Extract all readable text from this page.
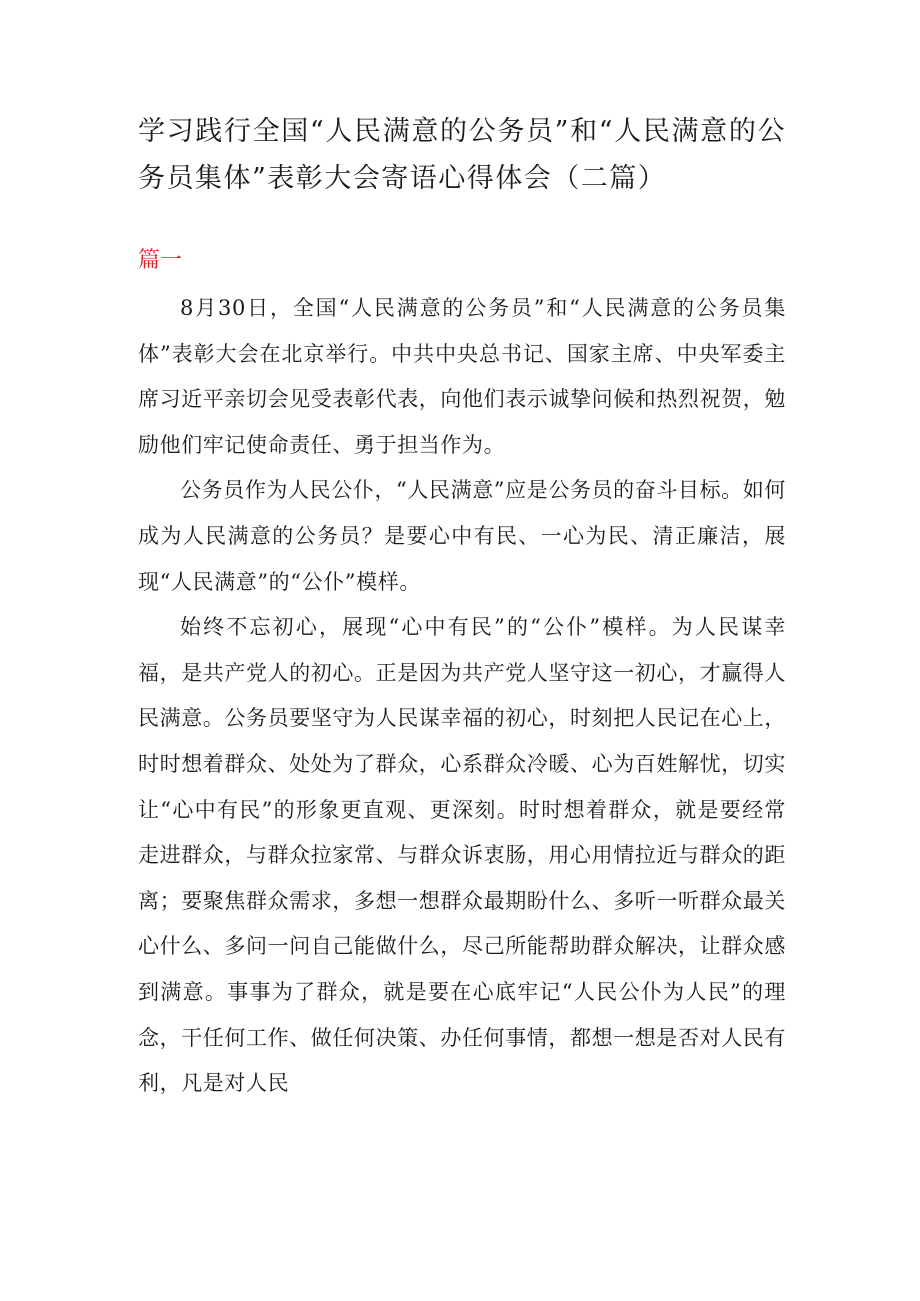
学习践行全国“人民满意的公务员”和“人民满意的公务员集体”表彰大会寄语心得体会（二篇）
篇一

8月30日，全国“人民满意的公务员”和“人民满意的公务员集体”表彰大会在北京举行。中共中央总书记、国家主席、中央军委主席习近平亲切会见受表彰代表，向他们表示诚挚问候和热烈祝贺，勉励他们牢记使命责任、勇于担当作为。

公务员作为人民公仆，“人民满意”应是公务员的奋斗目标。如何成为人民满意的公务员？是要心中有民、一心为民、清正廉洁，展现“人民满意”的“公仆”模样。

始终不忘初心，展现“心中有民”的“公仆”模样。为人民谋幸福，是共产党人的初心。正是因为共产党人坚守这一初心，才赢得人民满意。公务员要坚守为人民谋幸福的初心，时刻把人民记在心上，时时想着群众、处处为了群众，心系群众冷暖、心为百姓解忧，切实让“心中有民”的形象更直观、更深刻。时时想着群众，就是要经常走进群众，与群众拉家常、与群众诉衷肠，用心用情拉近与群众的距离；要聚焦群众需求，多想一想群众最期盼什么、多听一听群众最关心什么、多问一问自己能做什么，尽己所能帮助群众解决，让群众感到满意。事事为了群众，就是要在心底牢记“人民公仆为人民”的理念，干任何工作、做任何决策、办任何事情，都想一想是否对人民有利，凡是对人民
